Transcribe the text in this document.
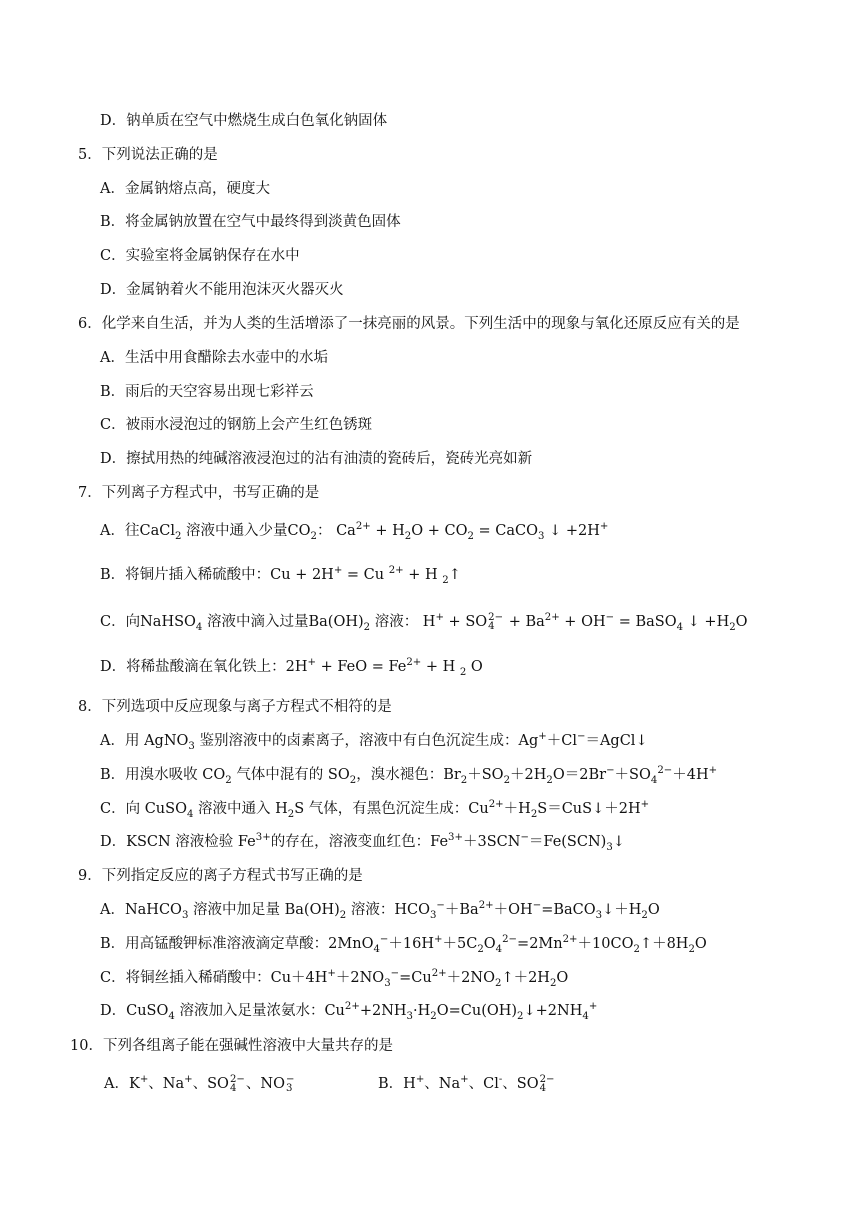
D．钠单质在空气中燃烧生成白色氧化钠固体
5．下列说法正确的是
A．金属钠熔点高，硬度大
B．将金属钠放置在空气中最终得到淡黄色固体
C．实验室将金属钠保存在水中
D．金属钠着火不能用泡沫灭火器灭火
6．化学来自生活，并为人类的生活增添了一抹亮丽的风景。下列生活中的现象与氧化还原反应有关的是
A．生活中用食醋除去水壶中的水垢
B．雨后的天空容易出现七彩祥云
C．被雨水浸泡过的钢筋上会产生红色锈斑
D．擦拭用热的纯碱溶液浸泡过的沾有油渍的瓷砖后，瓷砖光亮如新
7．下列离子方程式中，书写正确的是
A．往CaCl$_2$ 溶液中通入少量$CO_2$： $Ca^{2+} + H_2O + CO_2$ = CaCO$_3$ ↓ +2H+
B．将铜片插入稀硫酸中：Cu + 2H+ = Cu $^{2+}$ + H $_2$↑
C．向NaHSO$_4$ 溶液中滴入过量$Ba(OH)_2$ 溶液： H+ + SO 2−
$4 + Ba^{2+} + OH^-$ = BaSO$_4$ ↓ $+H_2O$
D．将稀盐酸滴在氧化铁上：2H+ + FeO = $Fe^{2+} + H$ $_2$ O
8．下列选项中反应现象与离子方程式不相符的是
A．用 AgNO$_3$ 鉴别溶液中的卤素离子，溶液中有白色沉淀生成：Ag+＋Cl−＝AgCl↓
B．用溴水吸收 $CO_2$ 气体中混有的 $SO_2$，溴水褪色：$Br_2+SO_2+2H_2O=2Br^-+SO_4^{2-}+4H^+$
C．向 CuSO$_4$ 溶液中通入 $H_2S$ 气体，有黑色沉淀生成：$Cu^{2+}+H_2S=CuS↓+2H^+$
D．KSCN 溶液检验 $Fe^{3+}$的存在，溶液变血红色：$Fe^{3+}+3SCN^-=Fe(SCN)_3↓$
9．下列指定反应的离子方程式书写正确的是
A．NaHCO$_3$ 溶液中加足量 $Ba(OH)_2$ 溶液：$HCO_3^-+Ba^{2+}+OH^-=BaCO_3↓+H_2O$
B．用高锰酸钾标准溶液滴定草酸：$2MnO_4^-+16H^++5C_2O_4^{2-}=2Mn^{2+}+10CO_2↑+8H_2O$
C．将铜丝插入稀硝酸中：$Cu+4H^++2NO_3^-=Cu^{2+}+2NO_2↑+2H_2O$
D．CuSO$_4$ 溶液加入足量浓氨水：$Cu^{2+}+2NH_3\cdot H_2O=Cu(OH)_2↓+2NH_4^+$
10．下列各组离子能在强碱性溶液中大量共存的是
A．K+、Na+、SO 2−
4 、NO −
3	B．H+、Na+、Cl-、SO 2−
4
